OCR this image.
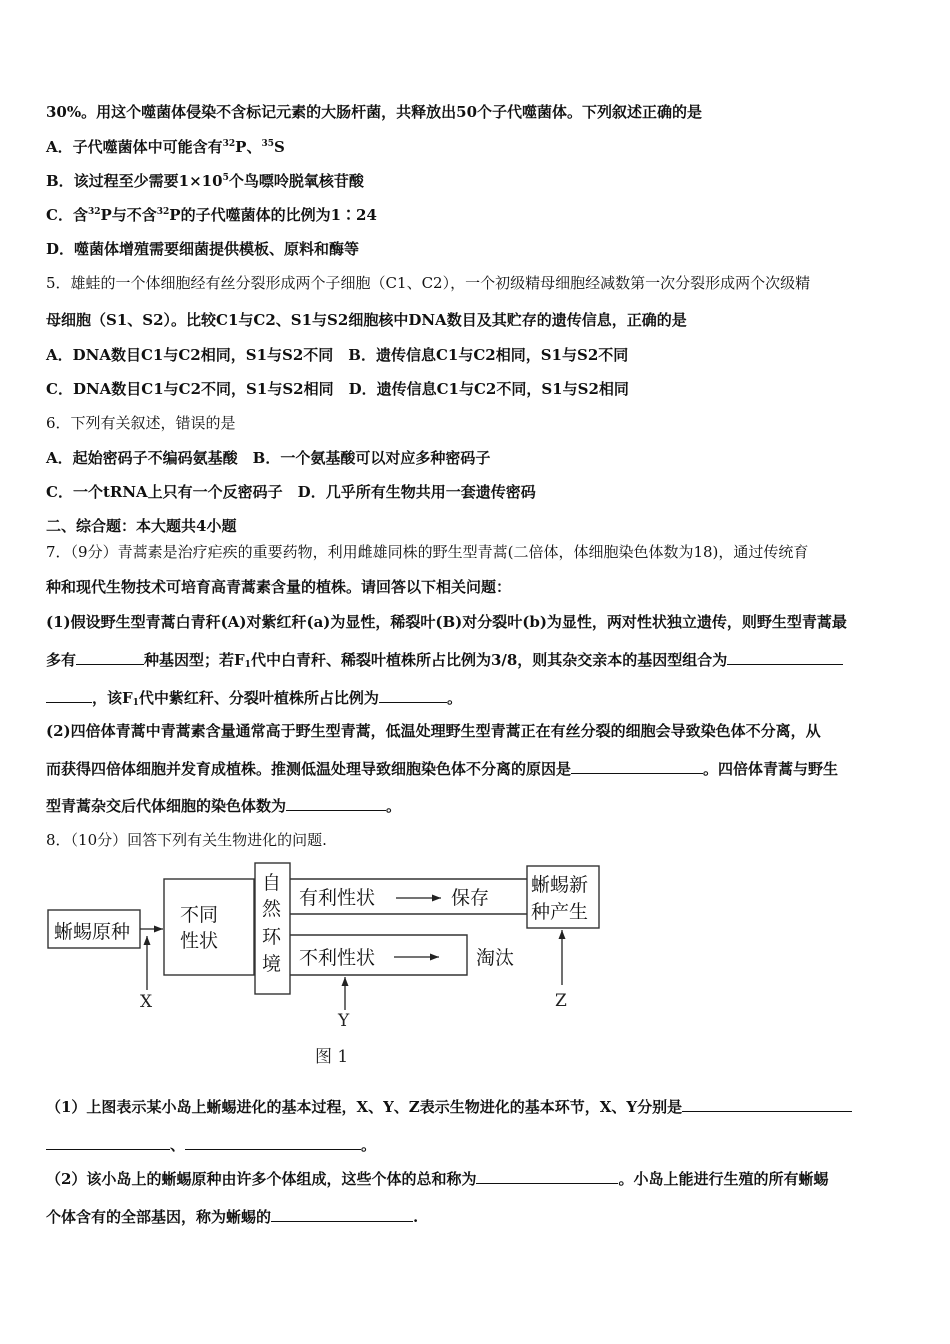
30%。用这个噬菌体侵染不含标记元素的大肠杆菌，共释放出50个子代噬菌体。下列叙述正确的是
A．子代噬菌体中可能含有$^{32}$P、$^{35}$S
B．该过程至少需要$1\times 10^5$个鸟嘌呤脱氧核苷酸
C．含$^{32}$P与不含$^{32}$P的子代噬菌体的比例为1∶24
D．噬菌体增殖需要细菌提供模板、原料和酶等
5．雄蛙的一个体细胞经有丝分裂形成两个子细胞（C1、C2），一个初级精母细胞经减数第一次分裂形成两个次级精
母细胞（S1、S2）。比较C1与C2、S1与S2细胞核中DNA数目及其贮存的遗传信息，正确的是
A．DNA数目C1与C2相同，S1与S2不同　B．遗传信息C1与C2相同，S1与S2不同
C．DNA数目C1与C2不同，S1与S2相同　D．遗传信息C1与C2不同，S1与S2相同
6．下列有关叙述，错误的是
A．起始密码子不编码氨基酸　B．一个氨基酸可以对应多种密码子
C．一个tRNA上只有一个反密码子　D．几乎所有生物共用一套遗传密码
二、综合题：本大题共4小题
7．（9分）青蒿素是治疗疟疾的重要药物，利用雌雄同株的野生型青蒿(二倍体，体细胞染色体数为18)，通过传统育
种和现代生物技术可培育高青蒿素含量的植株。请回答以下相关问题：
(1)假设野生型青蒿白青秆(A)对紫红秆(a)为显性，稀裂叶(B)对分裂叶(b)为显性，两对性状独立遗传，则野生型青蒿最
多有	种基因型；若$F_1$代中白青秆、稀裂叶植株所占比例为3/8，则其杂交亲本的基因型组合为
，该$F_1$代中紫红秆、分裂叶植株所占比例为	。
(2)四倍体青蒿中青蒿素含量通常高于野生型青蒿，低温处理野生型青蒿正在有丝分裂的细胞会导致染色体不分离，从
而获得四倍体细胞并发育成植株。推测低温处理导致细胞染色体不分离的原因是	。四倍体青蒿与野生
型青蒿杂交后代体细胞的染色体数为	。
8．（10分）回答下列有关生物进化的问题.
蜥蜴原种
不同
性状
自
然
环
境
有利性状	保存
不利性状	淘汰
蜥蜴新
种产生
X
Y
Z
图 1
（1）上图表示某小岛上蜥蜴进化的基本过程，X、Y、Z表示生物进化的基本环节，X、Y分别是
、	。
（2）该小岛上的蜥蜴原种由许多个体组成，这些个体的总和称为	。小岛上能进行生殖的所有蜥蜴
个体含有的全部基因，称为蜥蜴的	.
